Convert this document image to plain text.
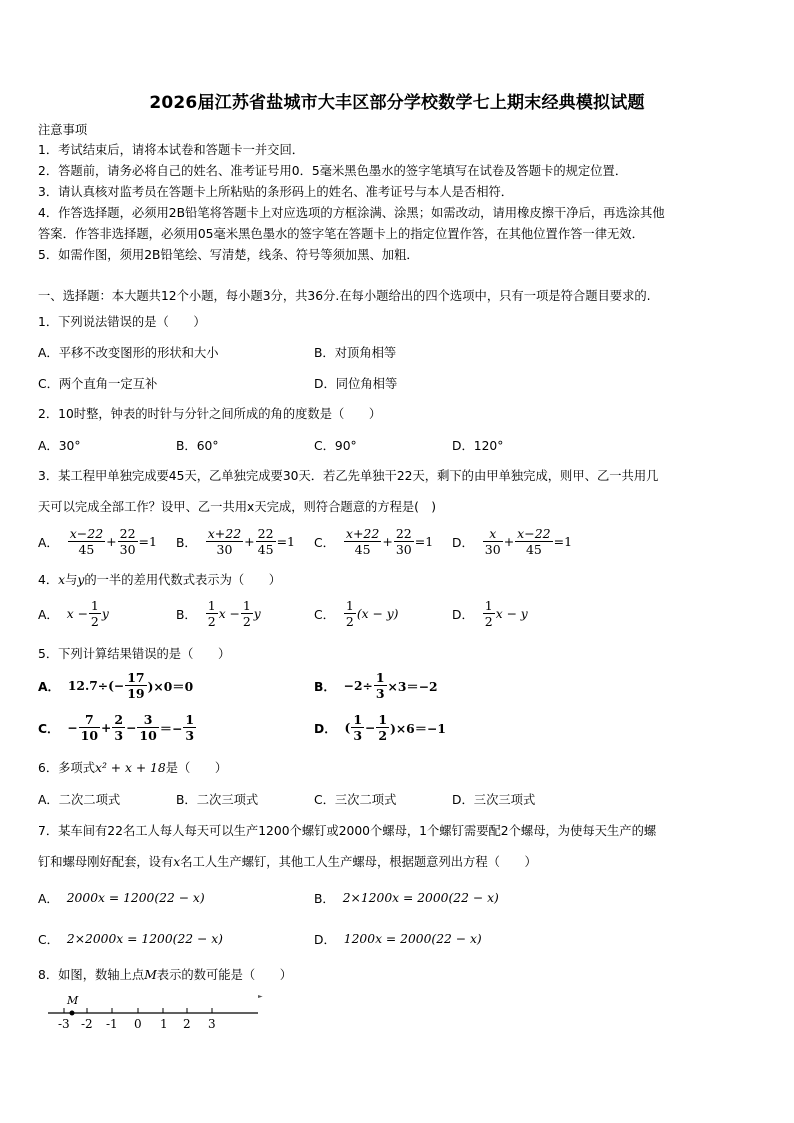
2026届江苏省盐城市大丰区部分学校数学七上期末经典模拟试题
注意事项
1．考试结束后，请将本试卷和答题卡一并交回．
2．答题前，请务必将自己的姓名、准考证号用0．5毫米黑色墨水的签字笔填写在试卷及答题卡的规定位置．
3．请认真核对监考员在答题卡上所粘贴的条形码上的姓名、准考证号与本人是否相符．
4．作答选择题，必须用2B铅笔将答题卡上对应选项的方框涂满、涂黑；如需改动，请用橡皮擦干净后，再选涂其他
答案．作答非选择题，必须用05毫米黑色墨水的签字笔在答题卡上的指定位置作答，在其他位置作答一律无效．
5．如需作图，须用2B铅笔绘、写清楚，线条、符号等须加黑、加粗．
一、选择题：本大题共12个小题，每小题3分，共36分.在每小题给出的四个选项中，只有一项是符合题目要求的.
1．下列说法错误的是（　　）
A．平移不改变图形的形状和大小	B．对顶角相等
C．两个直角一定互补	D．同位角相等
2．10时整，钟表的时针与分针之间所成的角的度数是（　　）
A．30°	B．60°	C．90°	D．120°
3．某工程甲单独完成要45天，乙单独完成要30天．若乙先单独干22天，剩下的由甲单独完成，则甲、乙一共用几
天可以完成全部工作？设甲、乙一共用x天完成，则符合题意的方程是(　)
A． $\frac{x-22}{45} + \frac{22}{30} =1$ B． $\frac{x+22}{30} + \frac{22}{45} =1$ C． $\frac{x+22}{45} + \frac{22}{30} =1$ D． $\frac{x}{30} + \frac{x-22}{45} =1$
4．x与y的一半的差用代数式表示为（　　）
A． $x - \frac{1}{2}$ y	B． $\frac{1}{2}$ $x - \frac{1}{2}$ y	C． $\frac{1}{2} (x - y)$	D． $\frac{1}{2}$ x − y
5．下列计算结果错误的是（　　）
A． $12.7\div(- \frac{17}{19} )\times 0=0$	B． $-2\div \frac{1}{3} \times 3=-2$
C． − $\frac{7}{10} + \frac{2}{3} - \frac{3}{10} =- \frac{1}{3}$	D． ( $\frac{1}{3} - \frac{1}{2} )\times 6=-1$
6．多项式x² + x + 18是（　　）
A．二次二项式	B．二次三项式	C．三次二项式	D．三次三项式
7．某车间有22名工人每人每天可以生产1200个螺钉或2000个螺母，1个螺钉需要配2个螺母，为使每天生产的螺
钉和螺母刚好配套，设有x名工人生产螺钉，其他工人生产螺母，根据题意列出方程（　　）
A． 2000x = 1200(22 − x)	B． 2×1200x = 2000(22 − x)
C． 2×2000x = 1200(22 − x)	D． 1200x = 2000(22 − x)
8．如图，数轴上点M表示的数可能是（　　）
►
M
-3 -2 -1 0 1 2 3
